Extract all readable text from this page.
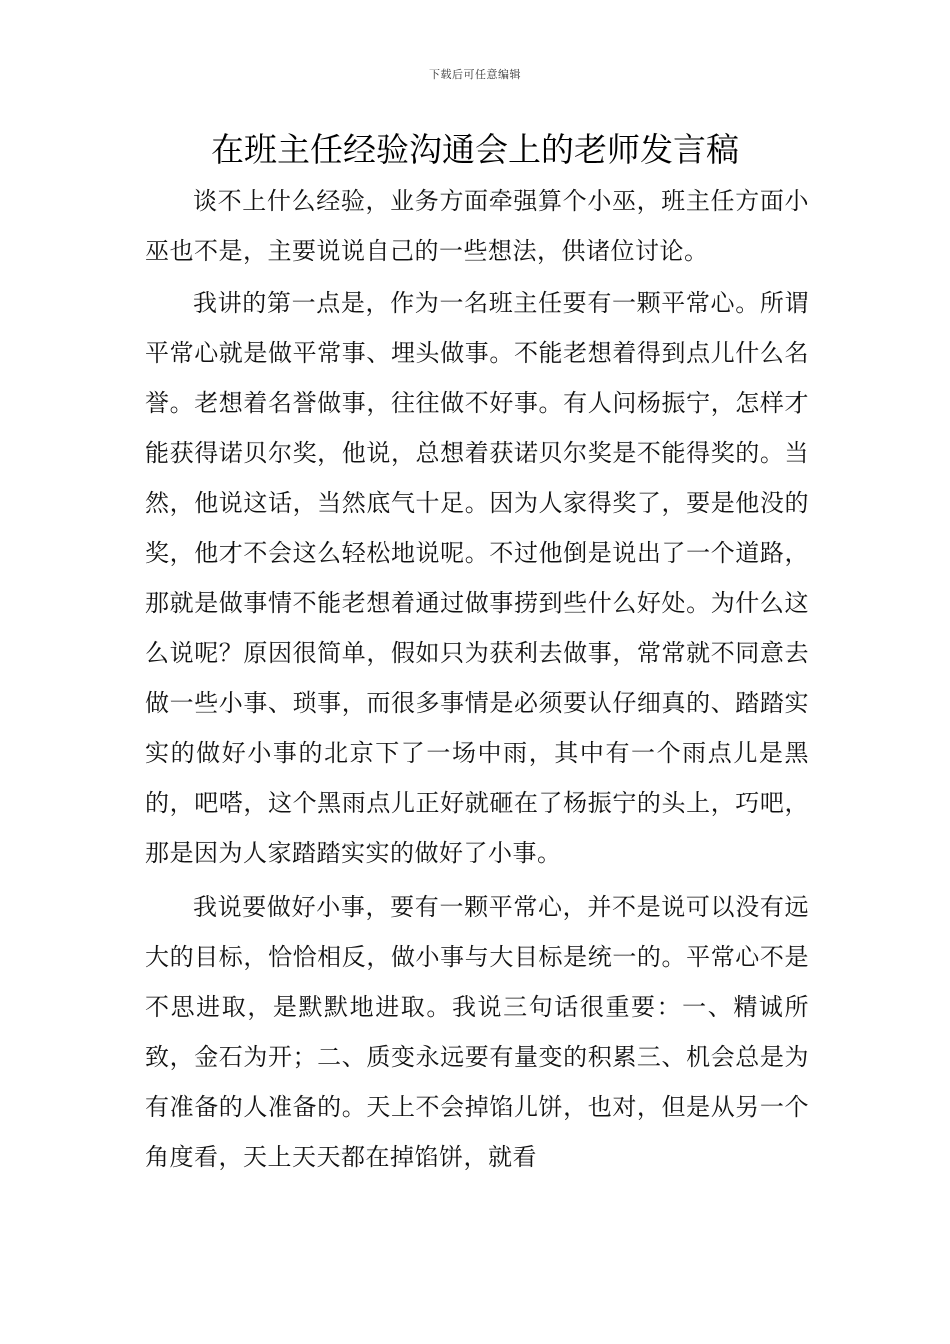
下载后可任意编辑
在班主任经验沟通会上的老师发言稿

谈不上什么经验，业务方面牵强算个小巫，班主任方面小巫也不是，主要说说自己的一些想法，供诸位讨论。

我讲的第一点是，作为一名班主任要有一颗平常心。所谓平常心就是做平常事、埋头做事。不能老想着得到点儿什么名誉。老想着名誉做事，往往做不好事。有人问杨振宁，怎样才能获得诺贝尔奖，他说，总想着获诺贝尔奖是不能得奖的。当然，他说这话，当然底气十足。因为人家得奖了，要是他没的奖，他才不会这么轻松地说呢。不过他倒是说出了一个道路，那就是做事情不能老想着通过做事捞到些什么好处。为什么这么说呢？原因很简单，假如只为获利去做事，常常就不同意去做一些小事、琐事，而很多事情是必须要认仔细真的、踏踏实实的做好小事的北京下了一场中雨，其中有一个雨点儿是黑的，吧嗒，这个黑雨点儿正好就砸在了杨振宁的头上，巧吧，那是因为人家踏踏实实的做好了小事。

我说要做好小事，要有一颗平常心，并不是说可以没有远大的目标，恰恰相反，做小事与大目标是统一的。平常心不是不思进取，是默默地进取。我说三句话很重要：一、精诚所致，金石为开；二、质变永远要有量变的积累三、机会总是为有准备的人准备的。天上不会掉馅儿饼，也对，但是从另一个角度看，天上天天都在掉馅饼，就看
